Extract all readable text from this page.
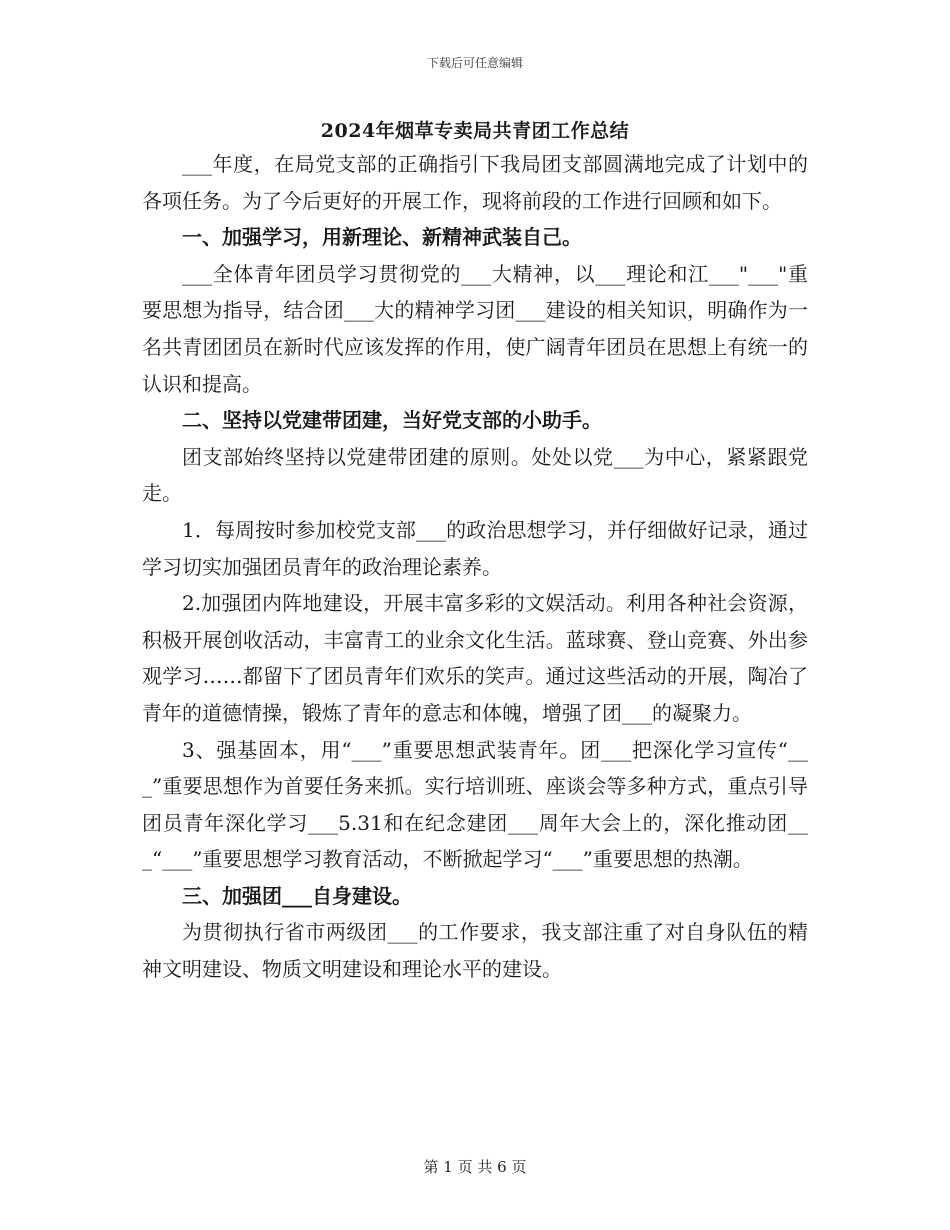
下载后可任意编辑
2024年烟草专卖局共青团工作总结

___年度，在局党支部的正确指引下我局团支部圆满地完成了计划中的各项任务。为了今后更好的开展工作，现将前段的工作进行回顾和如下。

一、加强学习，用新理论、新精神武装自己。

___全体青年团员学习贯彻党的___大精神，以___理论和江___"___"重要思想为指导，结合团___大的精神学习团___建设的相关知识，明确作为一名共青团团员在新时代应该发挥的作用，使广阔青年团员在思想上有统一的认识和提高。

二、坚持以党建带团建，当好党支部的小助手。

团支部始终坚持以党建带团建的原则。处处以党___为中心，紧紧跟党走。

1．每周按时参加校党支部___的政治思想学习，并仔细做好记录，通过学习切实加强团员青年的政治理论素养。

2.加强团内阵地建设，开展丰富多彩的文娱活动。利用各种社会资源，积极开展创收活动，丰富青工的业余文化生活。蓝球赛、登山竞赛、外出参观学习……都留下了团员青年们欢乐的笑声。通过这些活动的开展，陶冶了青年的道德情操，锻炼了青年的意志和体魄，增强了团___的凝聚力。

3、强基固本，用“___”重要思想武装青年。团___把深化学习宣传“___”重要思想作为首要任务来抓。实行培训班、座谈会等多种方式，重点引导团员青年深化学习___5.31和在纪念建团___周年大会上的，深化推动团___“___”重要思想学习教育活动，不断掀起学习“___”重要思想的热潮。

三、加强团___自身建设。

为贯彻执行省市两级团___的工作要求，我支部注重了对自身队伍的精神文明建设、物质文明建设和理论水平的建设。

第 1 页 共 6 页
